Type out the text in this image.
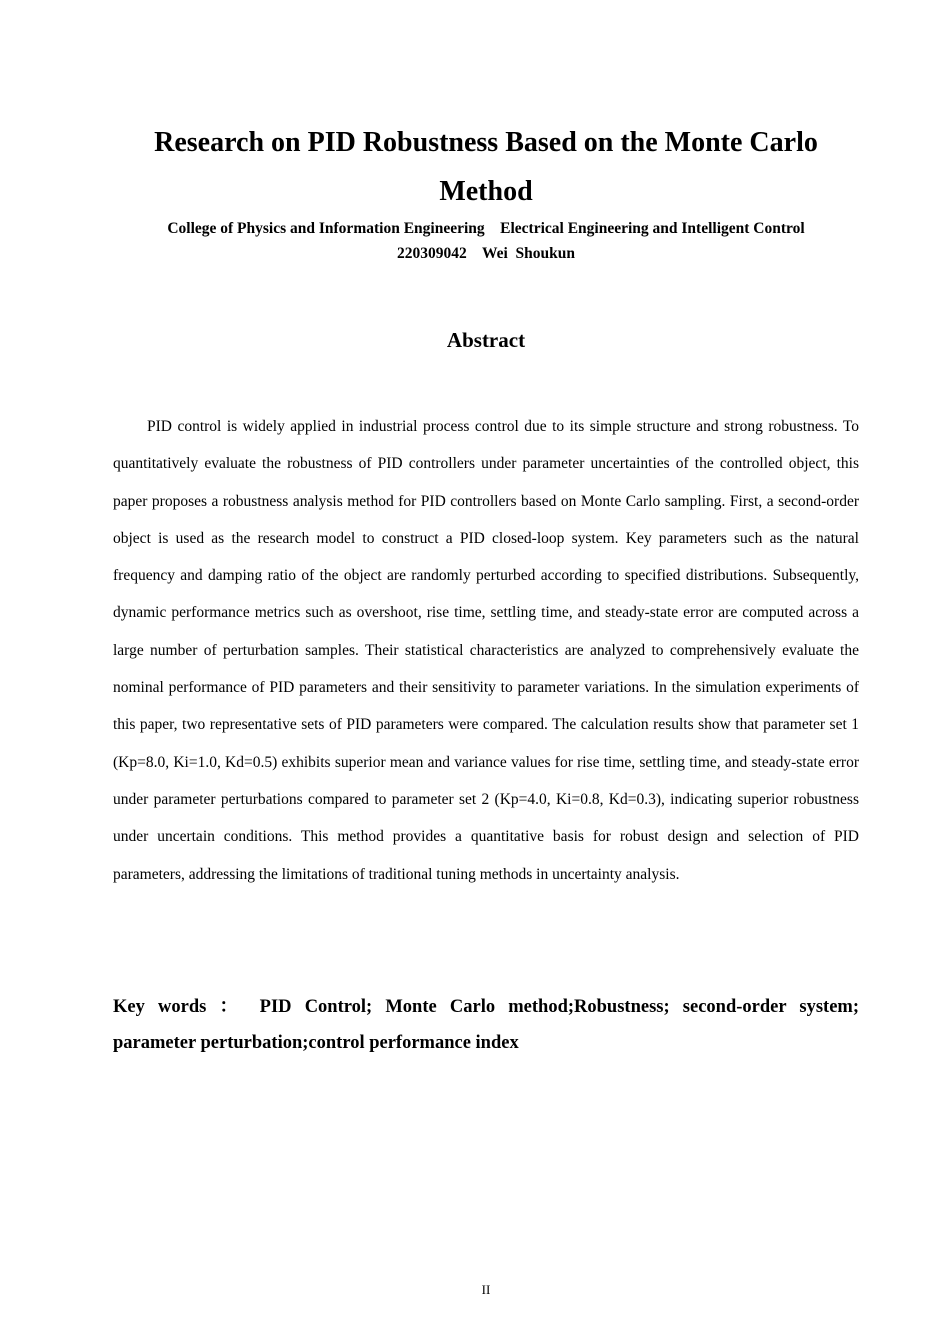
Research on PID Robustness Based on the Monte Carlo Method
College of Physics and Information Engineering    Electrical Engineering and Intelligent Control
220309042    Wei  Shoukun
Abstract

PID control is widely applied in industrial process control due to its simple structure and strong robustness. To quantitatively evaluate the robustness of PID controllers under parameter uncertainties of the controlled object, this paper proposes a robustness analysis method for PID controllers based on Monte Carlo sampling. First, a second-order object is used as the research model to construct a PID closed-loop system. Key parameters such as the natural frequency and damping ratio of the object are randomly perturbed according to specified distributions. Subsequently, dynamic performance metrics such as overshoot, rise time, settling time, and steady-state error are computed across a large number of perturbation samples. Their statistical characteristics are analyzed to comprehensively evaluate the nominal performance of PID parameters and their sensitivity to parameter variations. In the simulation experiments of this paper, two representative sets of PID parameters were compared. The calculation results show that parameter set 1 (Kp=8.0, Ki=1.0, Kd=0.5) exhibits superior mean and variance values for rise time, settling time, and steady-state error under parameter perturbations compared to parameter set 2 (Kp=4.0, Ki=0.8, Kd=0.3), indicating superior robustness under uncertain conditions. This method provides a quantitative basis for robust design and selection of PID parameters, addressing the limitations of traditional tuning methods in uncertainty analysis.

Key words ： PID Control; Monte Carlo method;Robustness; second-order system; parameter perturbation;control performance index

II
